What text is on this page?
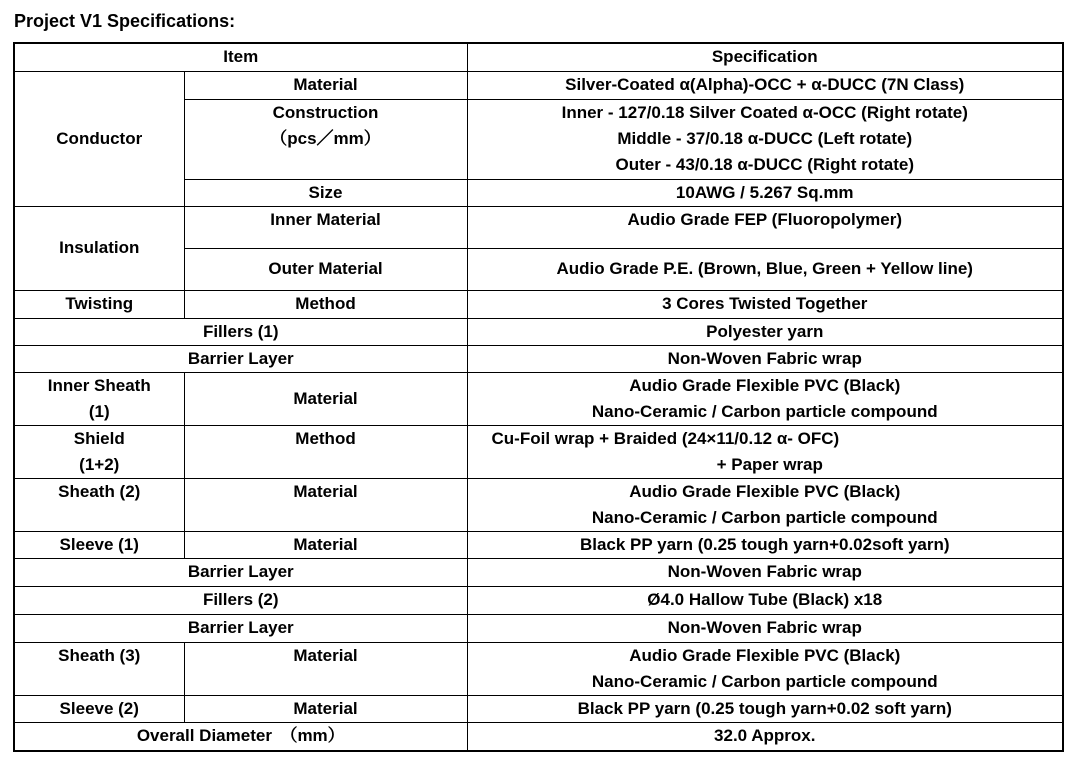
Project V1 Specifications:
Item		Specification
Conductor	Material	Silver-Coated α(Alpha)-OCC + α-DUCC (7N Class)

	Construction
（pcs／mm）	Inner - 127/0.18 Silver Coated α-OCC (Right rotate)
Middle - 37/0.18 α-DUCC (Left rotate)
Outer - 43/0.18 α-DUCC (Right rotate)

	Size	10AWG / 5.267 Sq.mm
Insulation	Inner Material	Audio Grade FEP (Fluoropolymer)
	Outer Material	Audio Grade P.E. (Brown, Blue, Green + Yellow line)
Twisting	Method	3 Cores Twisted Together
Fillers (1)		Polyester yarn
Barrier Layer		Non-Woven Fabric wrap

Inner Sheath
(1)	Material	Audio Grade Flexible PVC (Black)
Nano-Ceramic / Carbon particle compound

Shield
(1+2)	Method	Cu-Foil wrap + Braided (24×11/0.12 α- OFC)
+ Paper wrap

Sheath (2)	Material	Audio Grade Flexible PVC (Black)
Nano-Ceramic / Carbon particle compound

Sleeve (1)	Material	Black PP yarn (0.25 tough yarn+0.02soft yarn)
Barrier Layer		Non-Woven Fabric wrap
Fillers (2)		Ø4.0 Hallow Tube (Black) x18
Barrier Layer		Non-Woven Fabric wrap
Sheath (3)	Material	Audio Grade Flexible PVC (Black)
Nano-Ceramic / Carbon particle compound

Sleeve (2)	Material	Black PP yarn (0.25 tough yarn+0.02 soft yarn)
Overall Diameter　（mm）		32.0 Approx.
